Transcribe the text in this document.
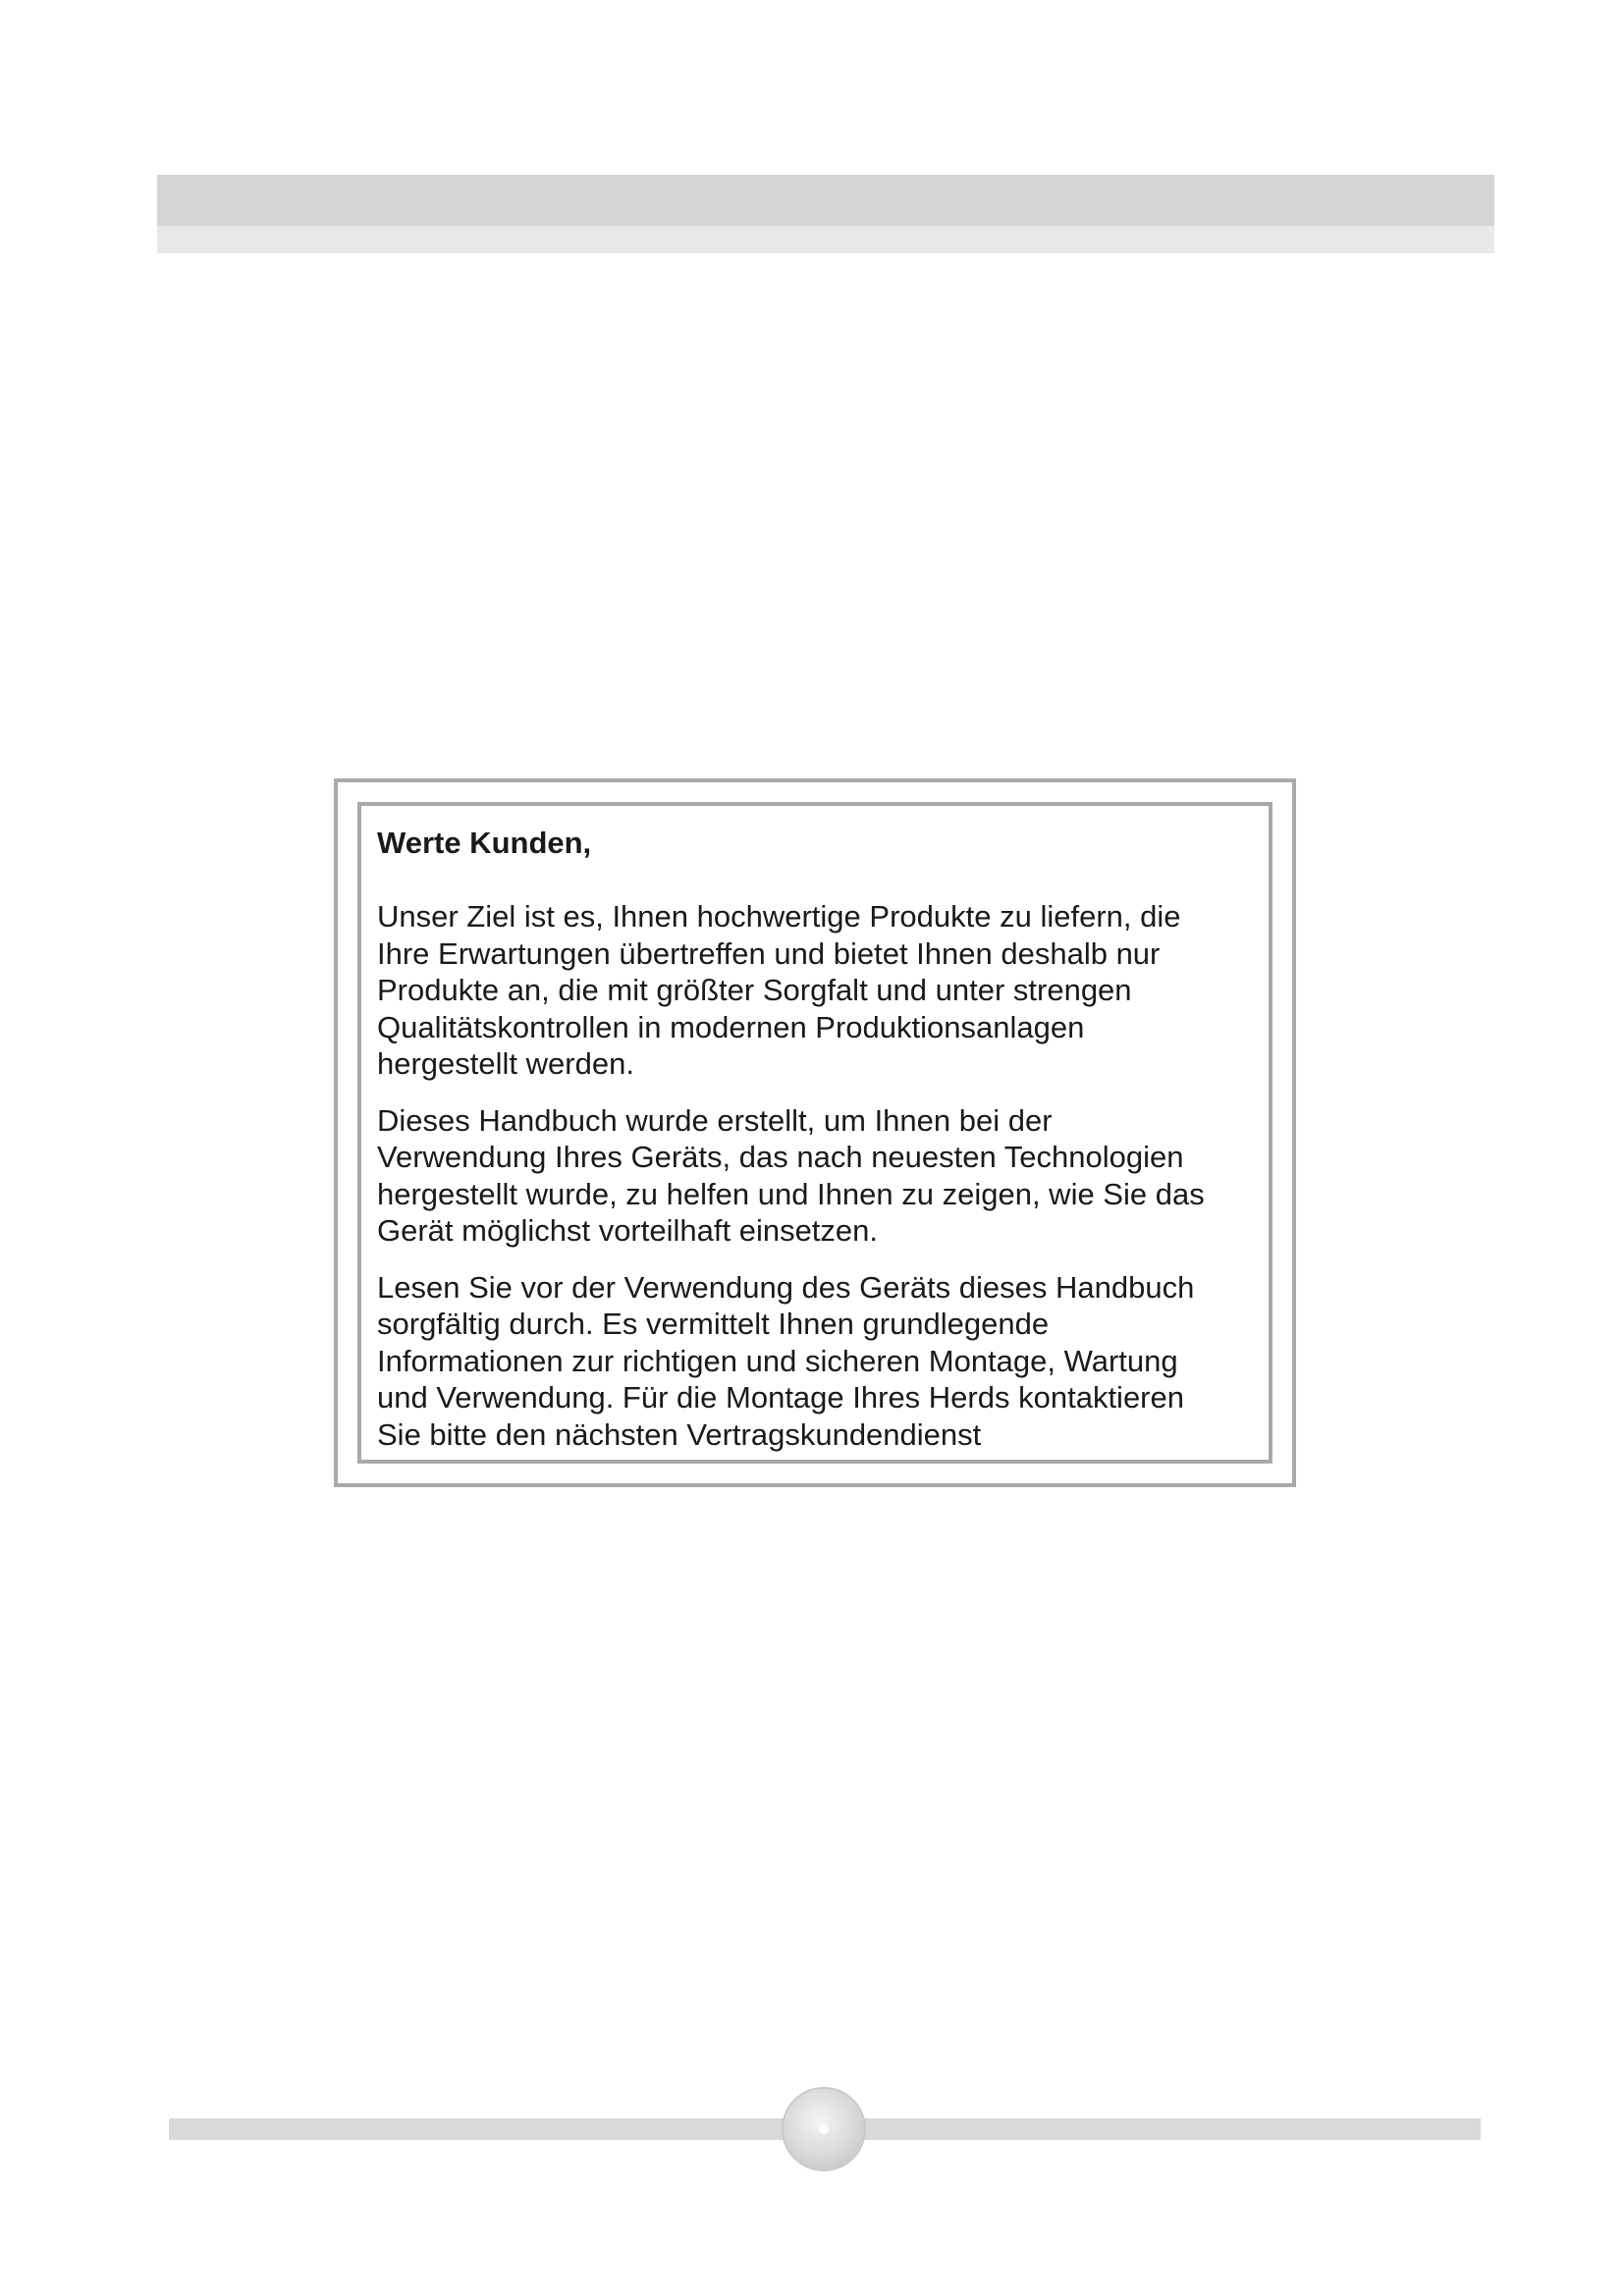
Werte Kunden,
Unser Ziel ist es, Ihnen hochwertige Produkte zu liefern, die
Ihre Erwartungen übertreffen und bietet Ihnen deshalb nur
Produkte an, die mit größter Sorgfalt und unter strengen
Qualitätskontrollen in modernen Produktionsanlagen
hergestellt werden.
Dieses Handbuch wurde erstellt, um Ihnen bei der
Verwendung Ihres Geräts, das nach neuesten Technologien
hergestellt wurde, zu helfen und Ihnen zu zeigen, wie Sie das
Gerät möglichst vorteilhaft einsetzen.
Lesen Sie vor der Verwendung des Geräts dieses Handbuch
sorgfältig durch. Es vermittelt Ihnen grundlegende
Informationen zur richtigen und sicheren Montage, Wartung
und Verwendung. Für die Montage Ihres Herds kontaktieren
Sie bitte den nächsten Vertragskundendienst
